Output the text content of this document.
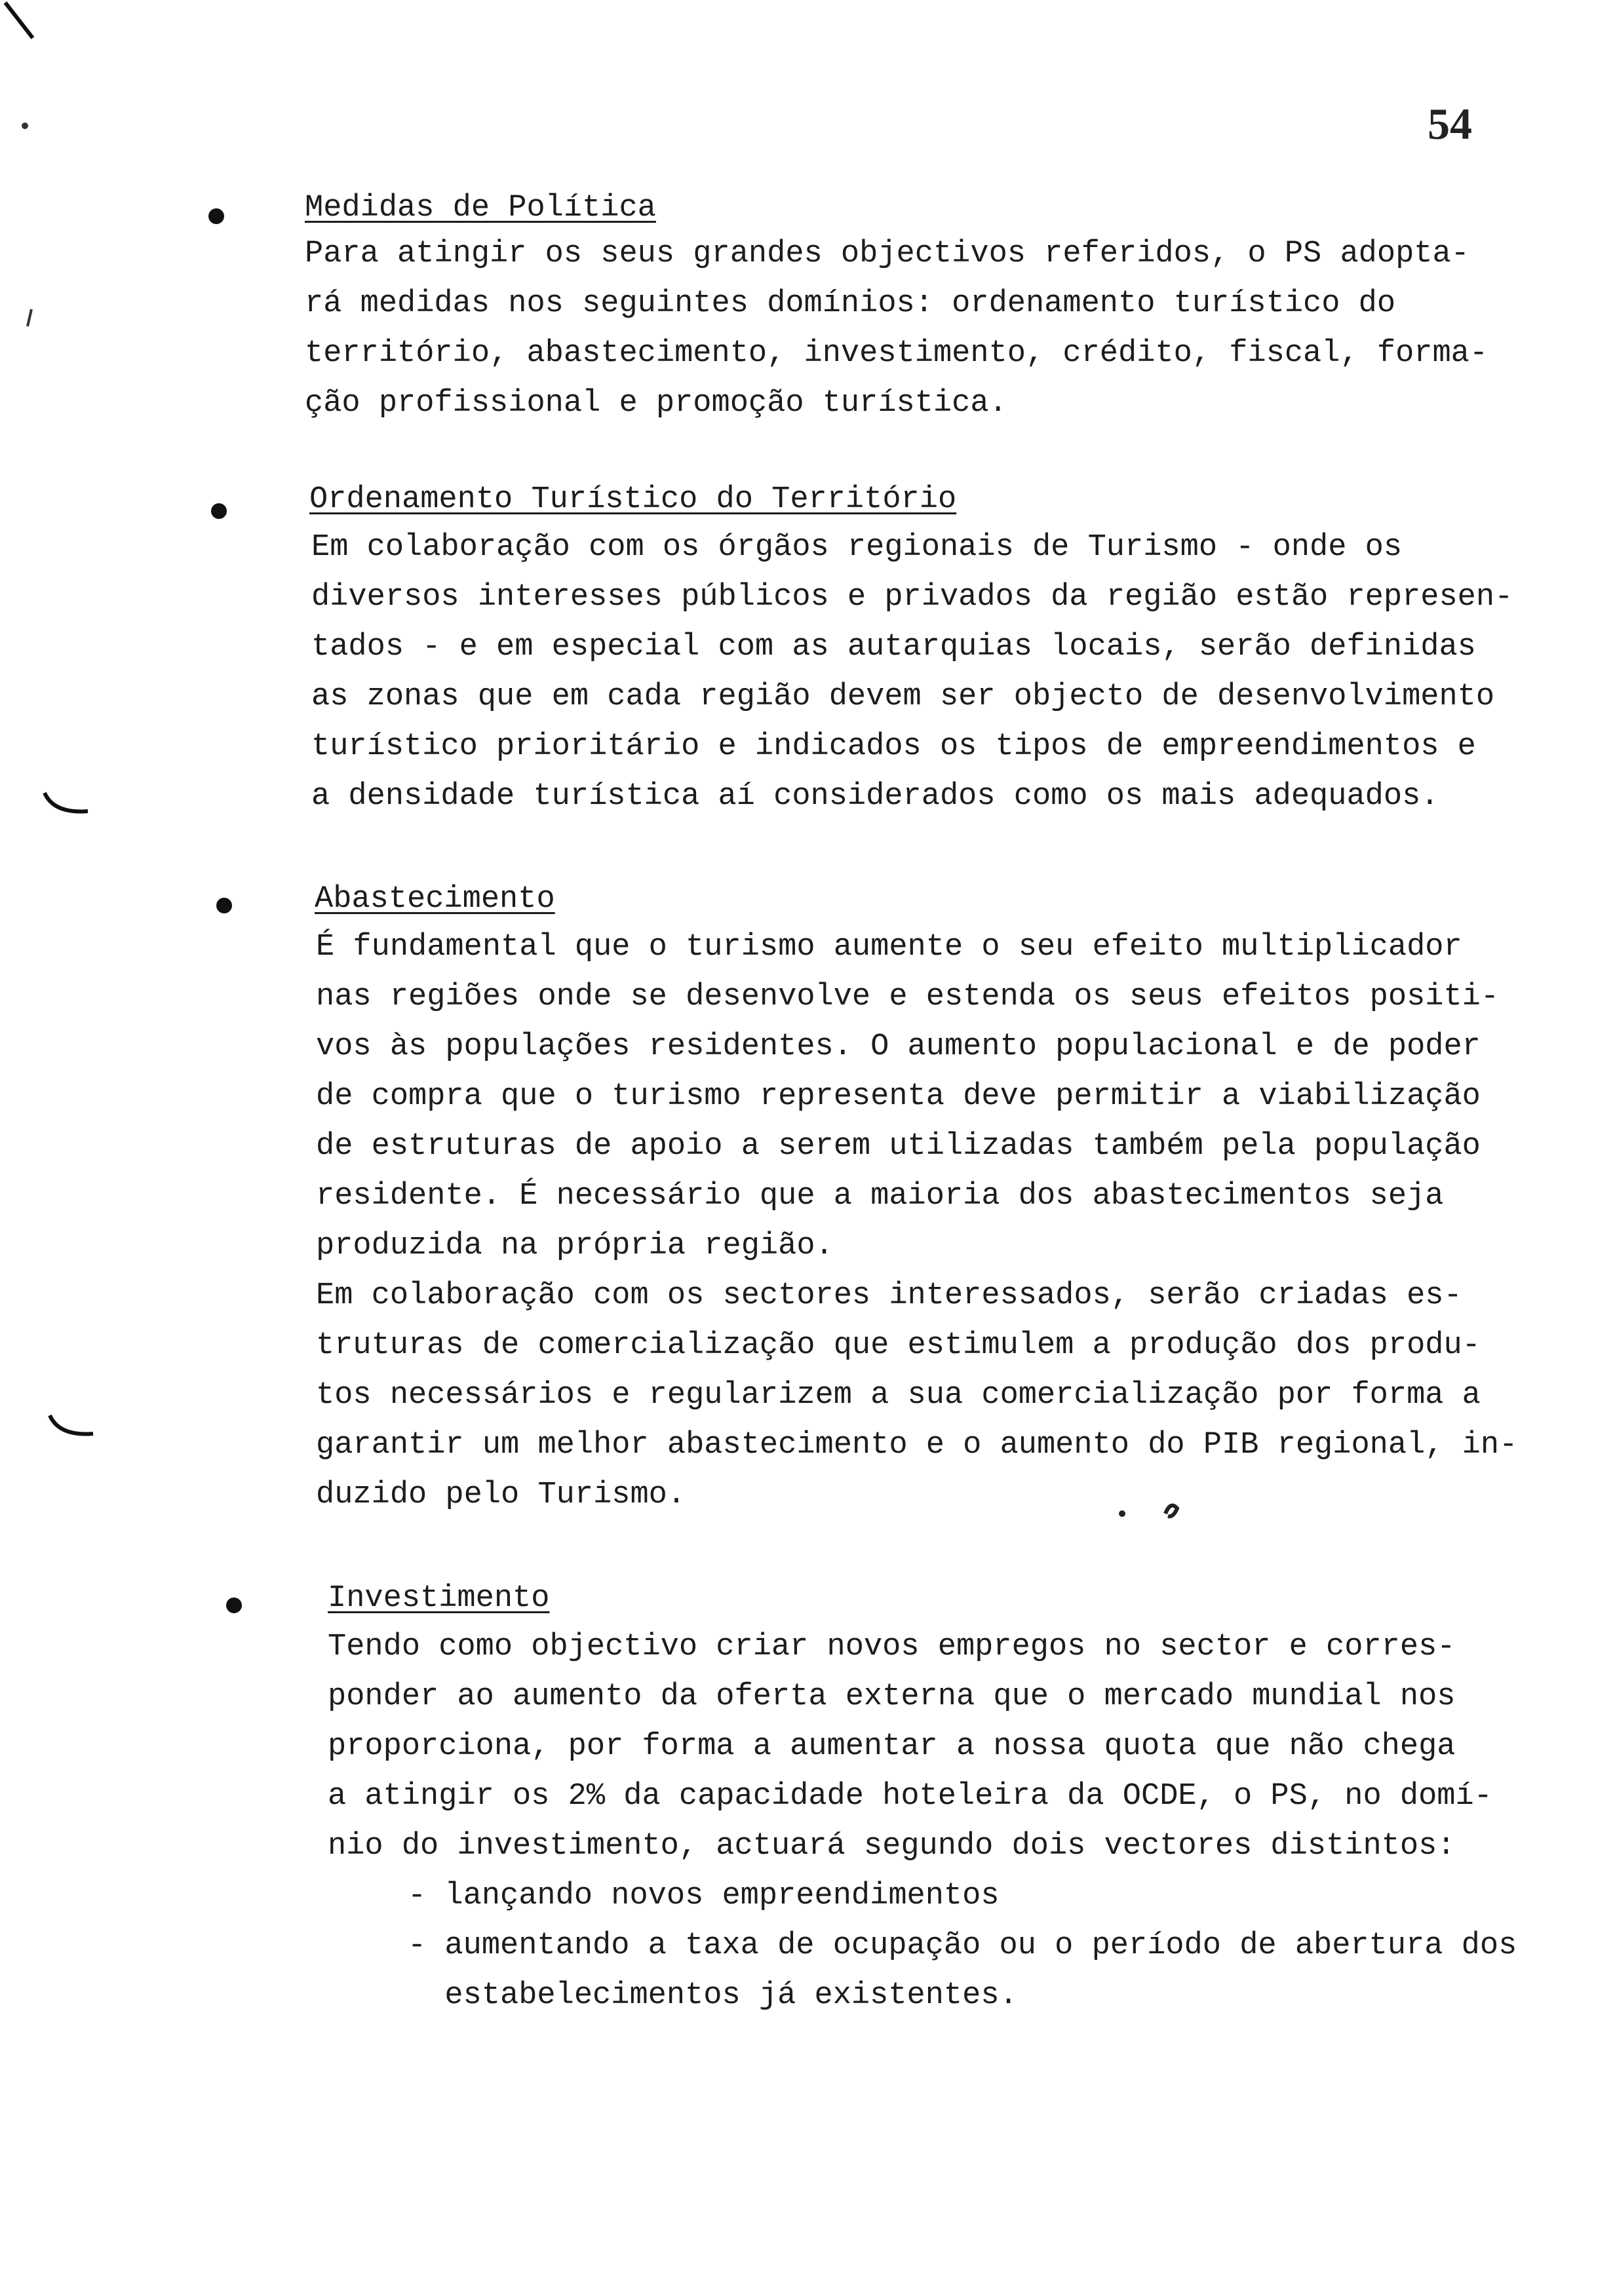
54
Medidas de Política
Para atingir os seus grandes objectivos referidos, o PS adopta-
rá medidas nos seguintes domínios: ordenamento turístico do
território, abastecimento, investimento, crédito, fiscal, forma-
ção profissional e promoção turística.
Ordenamento Turístico do Território
Em colaboração com os órgãos regionais de Turismo - onde os
diversos interesses públicos e privados da região estão represen-
tados - e em especial com as autarquias locais, serão definidas
as zonas que em cada região devem ser objecto de desenvolvimento
turístico prioritário e indicados os tipos de empreendimentos e
a densidade turística aí considerados como os mais adequados.
Abastecimento
É fundamental que o turismo aumente o seu efeito multiplicador
nas regiões onde se desenvolve e estenda os seus efeitos positi-
vos às populações residentes. O aumento populacional e de poder
de compra que o turismo representa deve permitir a viabilização
de estruturas de apoio a serem utilizadas também pela população
residente. É necessário que a maioria dos abastecimentos seja
produzida na própria região.
Em colaboração com os sectores interessados, serão criadas es-
truturas de comercialização que estimulem a produção dos produ-
tos necessários e regularizem a sua comercialização por forma a
garantir um melhor abastecimento e o aumento do PIB regional, in-
duzido pelo Turismo.
Investimento
Tendo como objectivo criar novos empregos no sector e corres-
ponder ao aumento da oferta externa que o mercado mundial nos
proporciona, por forma a aumentar a nossa quota que não chega
a atingir os 2% da capacidade hoteleira da OCDE, o PS, no domí-
nio do investimento, actuará segundo dois vectores distintos:
- lançando novos empreendimentos
- aumentando a taxa de ocupação ou o período de abertura dos
estabelecimentos já existentes.
